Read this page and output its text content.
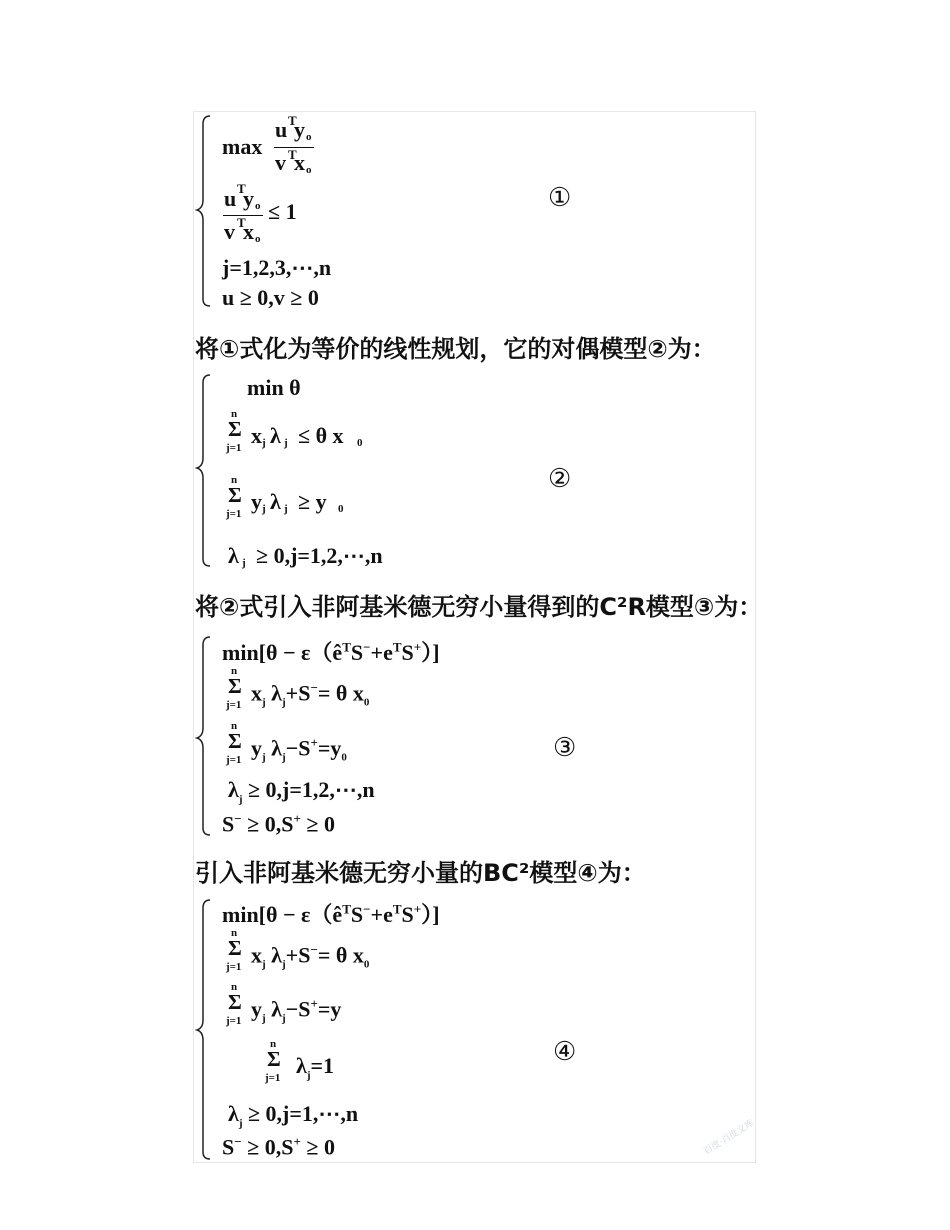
max
u T
y o
v T
x o
u T
y o
v T
x o
≤ 1
j=1,2,3,⋯,n
u ≥ 0,v ≥ 0
①
将①式化为等价的线性规划，它的对偶模型②为：
min θ
n
Σ
j=1 x j λ j ≤ θ x 0
n
Σ
j=1 y j λ j ≥ y 0
λ j ≥ 0,j=1,2,⋯,n
②
将②式引入非阿基米德无穷小量得到的C²R模型③为：
$\min[\theta - \varepsilon(ê^TS^-+e^TS^+)]$
n
Σ
j=1 $x_j$ $\lambda_j+S^-= \theta$ $x_0$
n
Σ
j=1 $y_j$ $\lambda_j-S^+=y_0$
$\lambda_j$ ≥ 0,j=1,2,⋯,n
S− ≥ 0,S+ ≥ 0
③
引入非阿基米德无穷小量的BC²模型④为：
$\min[\theta - \varepsilon(ê^TS^-+e^TS^+)]$
n
Σ
j=1 $x_j$ $\lambda_j+S^-= \theta$ $x_0$
n
Σ
j=1 $y_j$ $\lambda_j-S^+=y$
n
Σ
j=1 $\lambda_j=1$
$\lambda_j$ ≥ 0,j=1,⋯,n
S− ≥ 0,S+ ≥ 0
④
百度·百度文库
